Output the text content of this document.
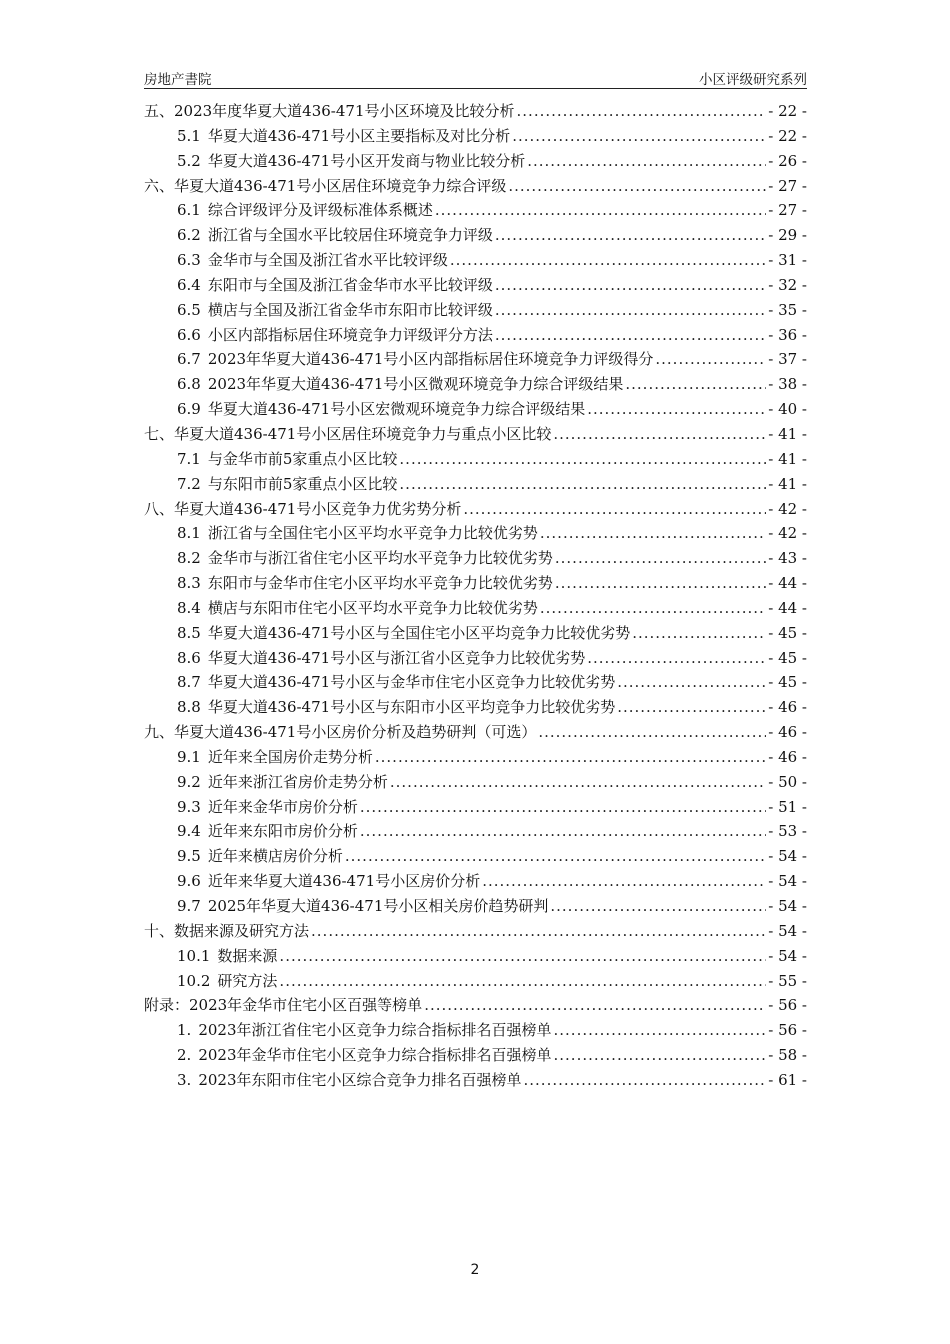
房地产書院	小区评级研究系列
五、2023年度华夏大道436-471号小区环境及比较分析 .....	- 22 -
5.1 华夏大道436-471号小区主要指标及对比分析 .....	- 22 -
5.2 华夏大道436-471号小区开发商与物业比较分析 .....	- 26 -
六、华夏大道436-471号小区居住环境竞争力综合评级 .....	- 27 -
6.1 综合评级评分及评级标准体系概述 .....	- 27 -
6.2 浙江省与全国水平比较居住环境竞争力评级 .....	- 29 -
6.3 金华市与全国及浙江省水平比较评级 .....	- 31 -
6.4 东阳市与全国及浙江省金华市水平比较评级 .....	- 32 -
6.5 横店与全国及浙江省金华市东阳市比较评级 .....	- 35 -
6.6 小区内部指标居住环境竞争力评级评分方法 .....	- 36 -
6.7 2023年华夏大道436-471号小区内部指标居住环境竞争力评级得分 .....	- 37 -
6.8 2023年华夏大道436-471号小区微观环境竞争力综合评级结果 .....	- 38 -
6.9 华夏大道436-471号小区宏微观环境竞争力综合评级结果 .....	- 40 -
七、华夏大道436-471号小区居住环境竞争力与重点小区比较 .....	- 41 -
7.1 与金华市前5家重点小区比较 .....	- 41 -
7.2 与东阳市前5家重点小区比较 .....	- 41 -
八、华夏大道436-471号小区竞争力优劣势分析 .....	- 42 -
8.1 浙江省与全国住宅小区平均水平竞争力比较优劣势 .....	- 42 -
8.2 金华市与浙江省住宅小区平均水平竞争力比较优劣势 .....	- 43 -
8.3 东阳市与金华市住宅小区平均水平竞争力比较优劣势 .....	- 44 -
8.4 横店与东阳市住宅小区平均水平竞争力比较优劣势 .....	- 44 -
8.5 华夏大道436-471号小区与全国住宅小区平均竞争力比较优劣势 .....	- 45 -
8.6 华夏大道436-471号小区与浙江省小区竞争力比较优劣势 .....	- 45 -
8.7 华夏大道436-471号小区与金华市住宅小区竞争力比较优劣势 .....	- 45 -
8.8 华夏大道436-471号小区与东阳市小区平均竞争力比较优劣势 .....	- 46 -
九、华夏大道436-471号小区房价分析及趋势研判（可选） .....	- 46 -
9.1 近年来全国房价走势分析 .....	- 46 -
9.2 近年来浙江省房价走势分析 .....	- 50 -
9.3 近年来金华市房价分析 .....	- 51 -
9.4 近年来东阳市房价分析 .....	- 53 -
9.5 近年来横店房价分析 .....	- 54 -
9.6 近年来华夏大道436-471号小区房价分析 .....	- 54 -
9.7 2025年华夏大道436-471号小区相关房价趋势研判 .....	- 54 -
十、数据来源及研究方法 .....	- 54 -
10.1 数据来源 .....	- 54 -
10.2 研究方法 .....	- 55 -
附录：2023年金华市住宅小区百强等榜单 .....	- 56 -
1. 2023年浙江省住宅小区竞争力综合指标排名百强榜单 .....	- 56 -
2. 2023年金华市住宅小区竞争力综合指标排名百强榜单 .....	- 58 -
3. 2023年东阳市住宅小区综合竞争力排名百强榜单 .....	- 61 -
2
